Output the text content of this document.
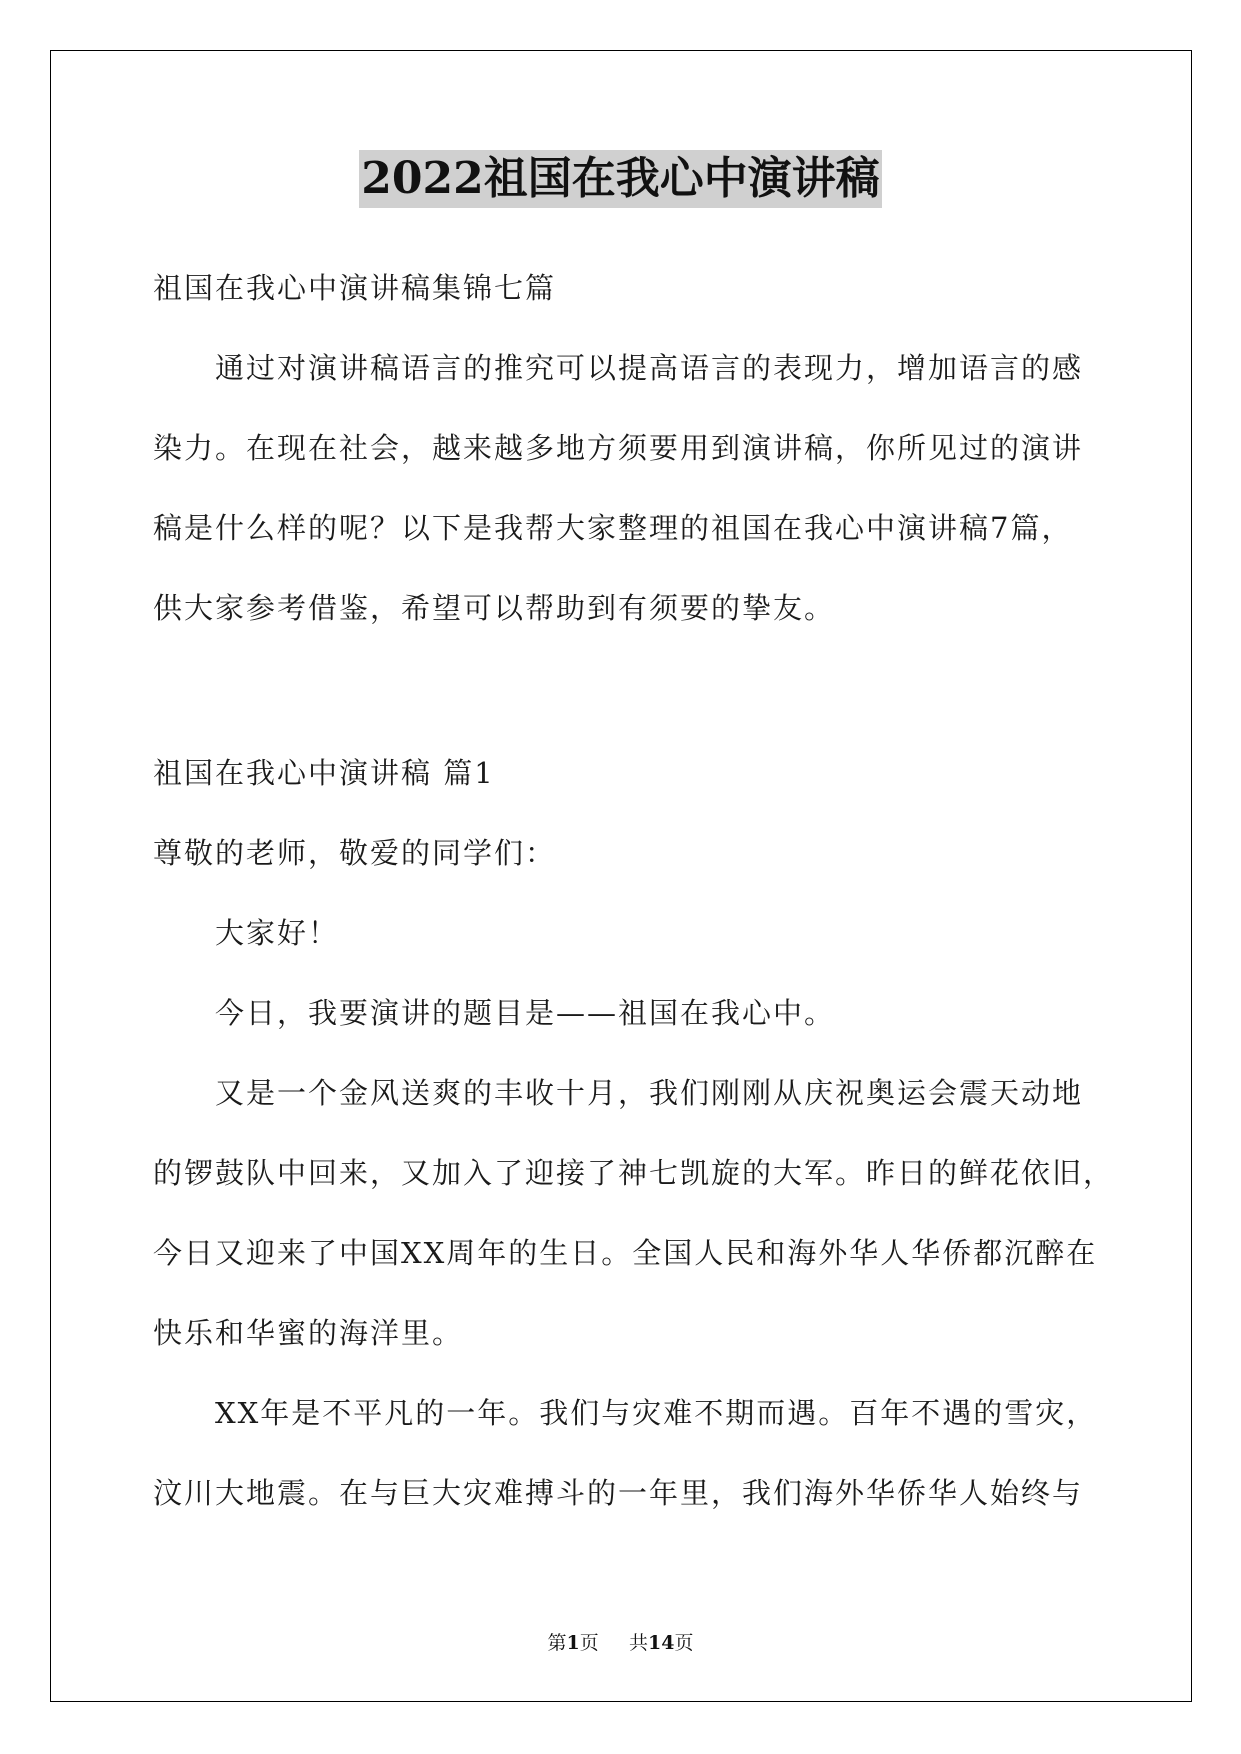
2022祖国在我心中演讲稿
祖国在我心中演讲稿集锦七篇
通过对演讲稿语言的推究可以提高语言的表现力，增加语言的感
染力。在现在社会，越来越多地方须要用到演讲稿，你所见过的演讲
稿是什么样的呢？以下是我帮大家整理的祖国在我心中演讲稿7篇，
供大家参考借鉴，希望可以帮助到有须要的挚友。
祖国在我心中演讲稿 篇1
尊敬的老师，敬爱的同学们：
大家好！
今日，我要演讲的题目是——祖国在我心中。
又是一个金风送爽的丰收十月，我们刚刚从庆祝奥运会震天动地
的锣鼓队中回来，又加入了迎接了神七凯旋的大军。昨日的鲜花依旧，
今日又迎来了中国XX周年的生日。全国人民和海外华人华侨都沉醉在
快乐和华蜜的海洋里。
XX年是不平凡的一年。我们与灾难不期而遇。百年不遇的雪灾，
汶川大地震。在与巨大灾难搏斗的一年里，我们海外华侨华人始终与
第1页 共14页
